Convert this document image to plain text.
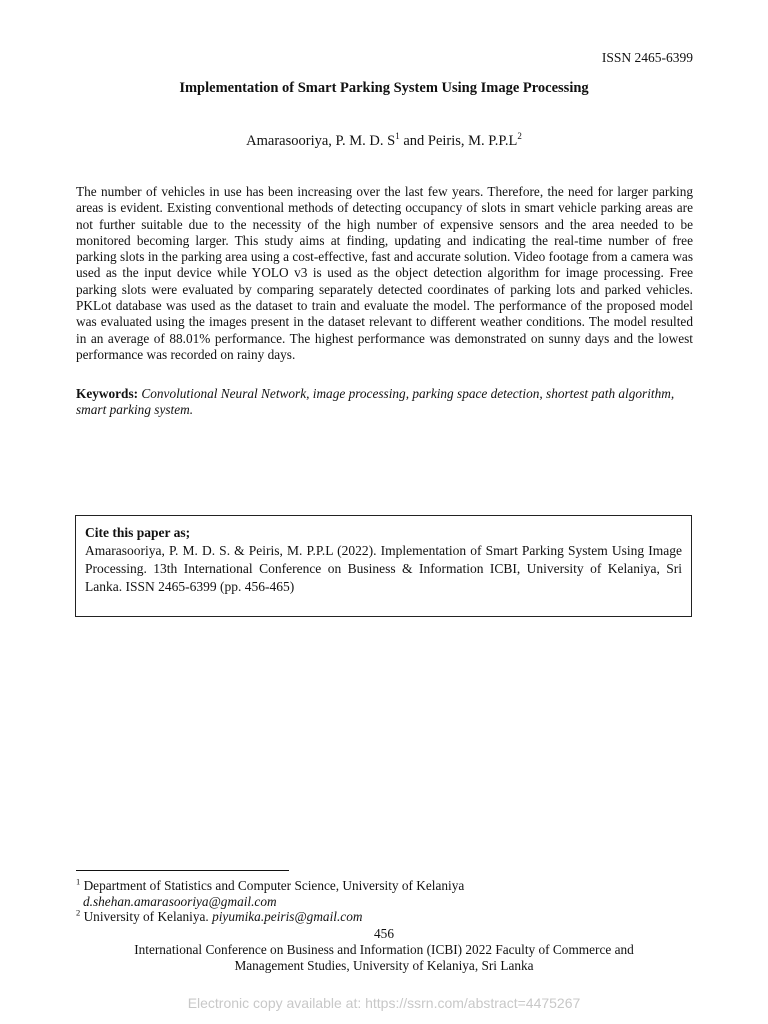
ISSN 2465-6399
Implementation of Smart Parking System Using Image Processing
Amarasooriya, P. M. D. $S^1$ and Peiris, M. $P.P.L^2$

The number of vehicles in use has been increasing over the last few years. Therefore, the need for larger parking areas is evident. Existing conventional methods of detecting occupancy of slots in smart vehicle parking areas are not further suitable due to the necessity of the high number of expensive sensors and the area needed to be monitored becoming larger. This study aims at finding, updating and indicating the real-time number of free parking slots in the parking area using a cost-effective, fast and accurate solution. Video footage from a camera was used as the input device while YOLO v3 is used as the object detection algorithm for image processing. Free parking slots were evaluated by comparing separately detected coordinates of parking lots and parked vehicles. PKLot database was used as the dataset to train and evaluate the model. The performance of the proposed model was evaluated using the images present in the dataset relevant to different weather conditions. The model resulted in an average of 88.01% performance. The highest performance was demonstrated on sunny days and the lowest performance was recorded on rainy days.

Keywords: Convolutional Neural Network, image processing, parking space detection, shortest path algorithm, smart parking system.

Cite this paper as;

Amarasooriya, P. M. D. S. & Peiris, M. P.P.L (2022). Implementation of Smart Parking System Using Image Processing. 13th International Conference on Business & Information ICBI, University of Kelaniya, Sri Lanka. ISSN 2465-6399 (pp. 456-465)

$^1$ Department of Statistics and Computer Science, University of Kelaniya
d.shehan.amarasooriya@gmail.com
$^2$ University of Kelaniya. piyumika.peiris@gmail.com
456
International Conference on Business and Information (ICBI) 2022 Faculty of Commerce and
Management Studies, University of Kelaniya, Sri Lanka
Electronic copy available at: https://ssrn.com/abstract=4475267
